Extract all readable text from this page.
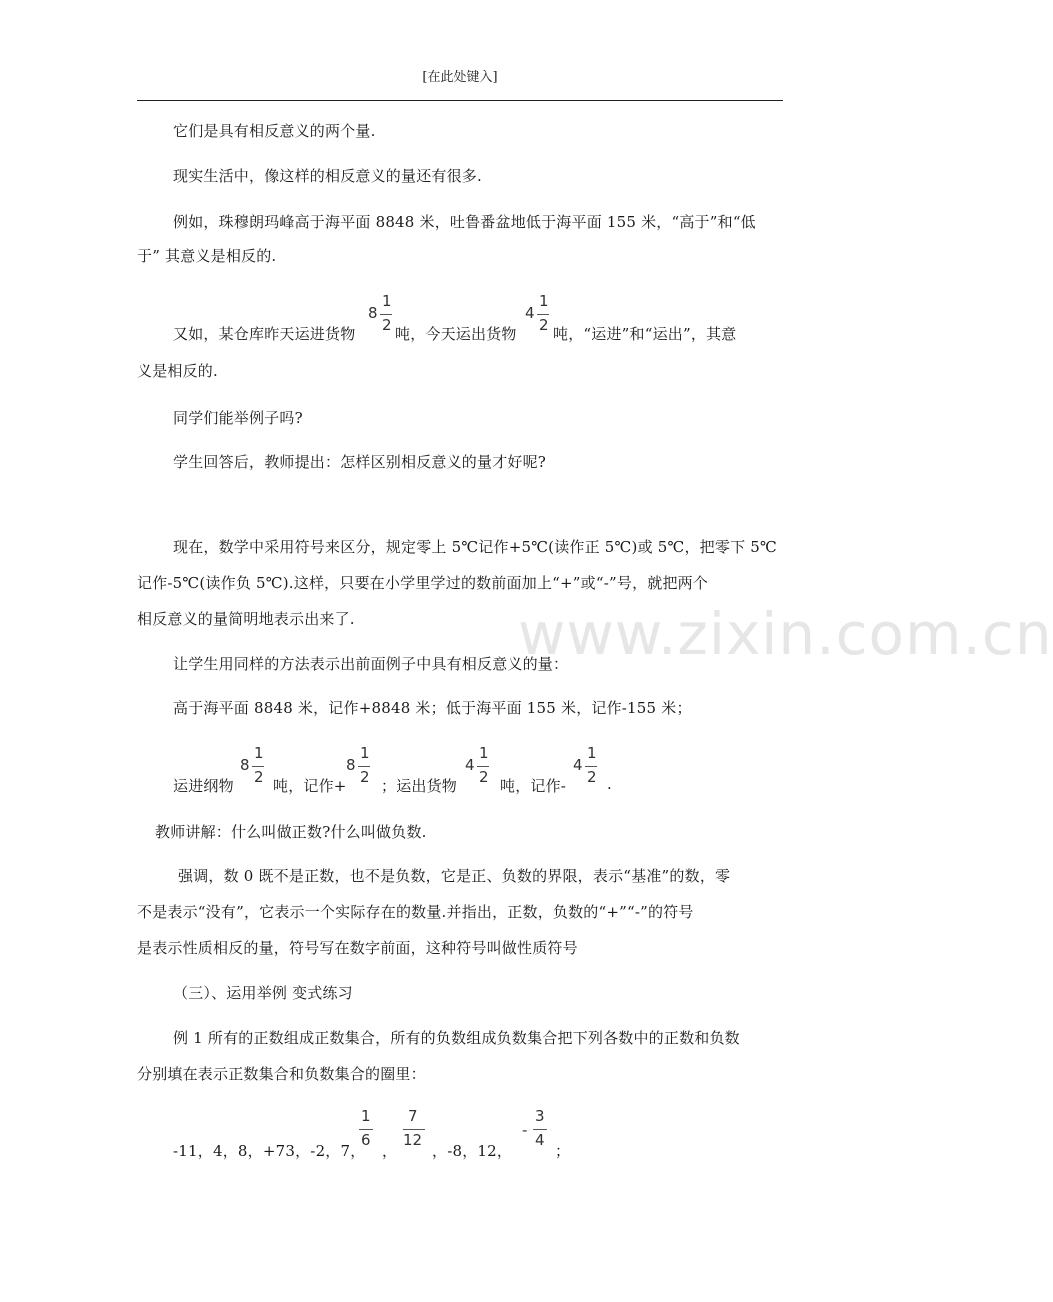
[在此处键入]
www.zixin.com.cn
它们是具有相反意义的两个量.
现实生活中，像这样的相反意义的量还有很多.
例如，珠穆朗玛峰高于海平面 8848 米，吐鲁番盆地低于海平面 155 米，“高于”和“低
于” 其意义是相反的.
又如，某仓库昨天运进货物
8
1
2 吨，今天运出货物
4
1
2 吨，“运进”和“运出”，其意
义是相反的.
同学们能举例子吗?
学生回答后，教师提出：怎样区别相反意义的量才好呢?
现在，数学中采用符号来区分，规定零上 5℃记作+5℃(读作正 5℃)或 5℃，把零下 5℃
记作-5℃(读作负 5℃).这样，只要在小学里学过的数前面加上“+”或“-”号，就把两个
相反意义的量简明地表示出来了.
让学生用同样的方法表示出前面例子中具有相反意义的量：
高于海平面 8848 米，记作+8848 米；低于海平面 155 米，记作-155 米；
运进纲物
8
1
2 吨，记作+
8
1
2 ；运出货物
4
1
2 吨，记作-
4
1
2 .
教师讲解：什么叫做正数?什么叫做负数.
强调，数 0 既不是正数，也不是负数，它是正、负数的界限，表示“基准”的数，零
不是表示“没有”，它表示一个实际存在的数量.并指出，正数，负数的“+”“-”的符号
是表示性质相反的量，符号写在数字前面，这种符号叫做性质符号
（三）、运用举例 变式练习
例 1 所有的正数组成正数集合，所有的负数组成负数集合把下列各数中的正数和负数
分别填在表示正数集合和负数集合的圈里：
-11，4，8，+73，-2，7，
1
6
，
7
12
，-8，12，
-
3
4
；
